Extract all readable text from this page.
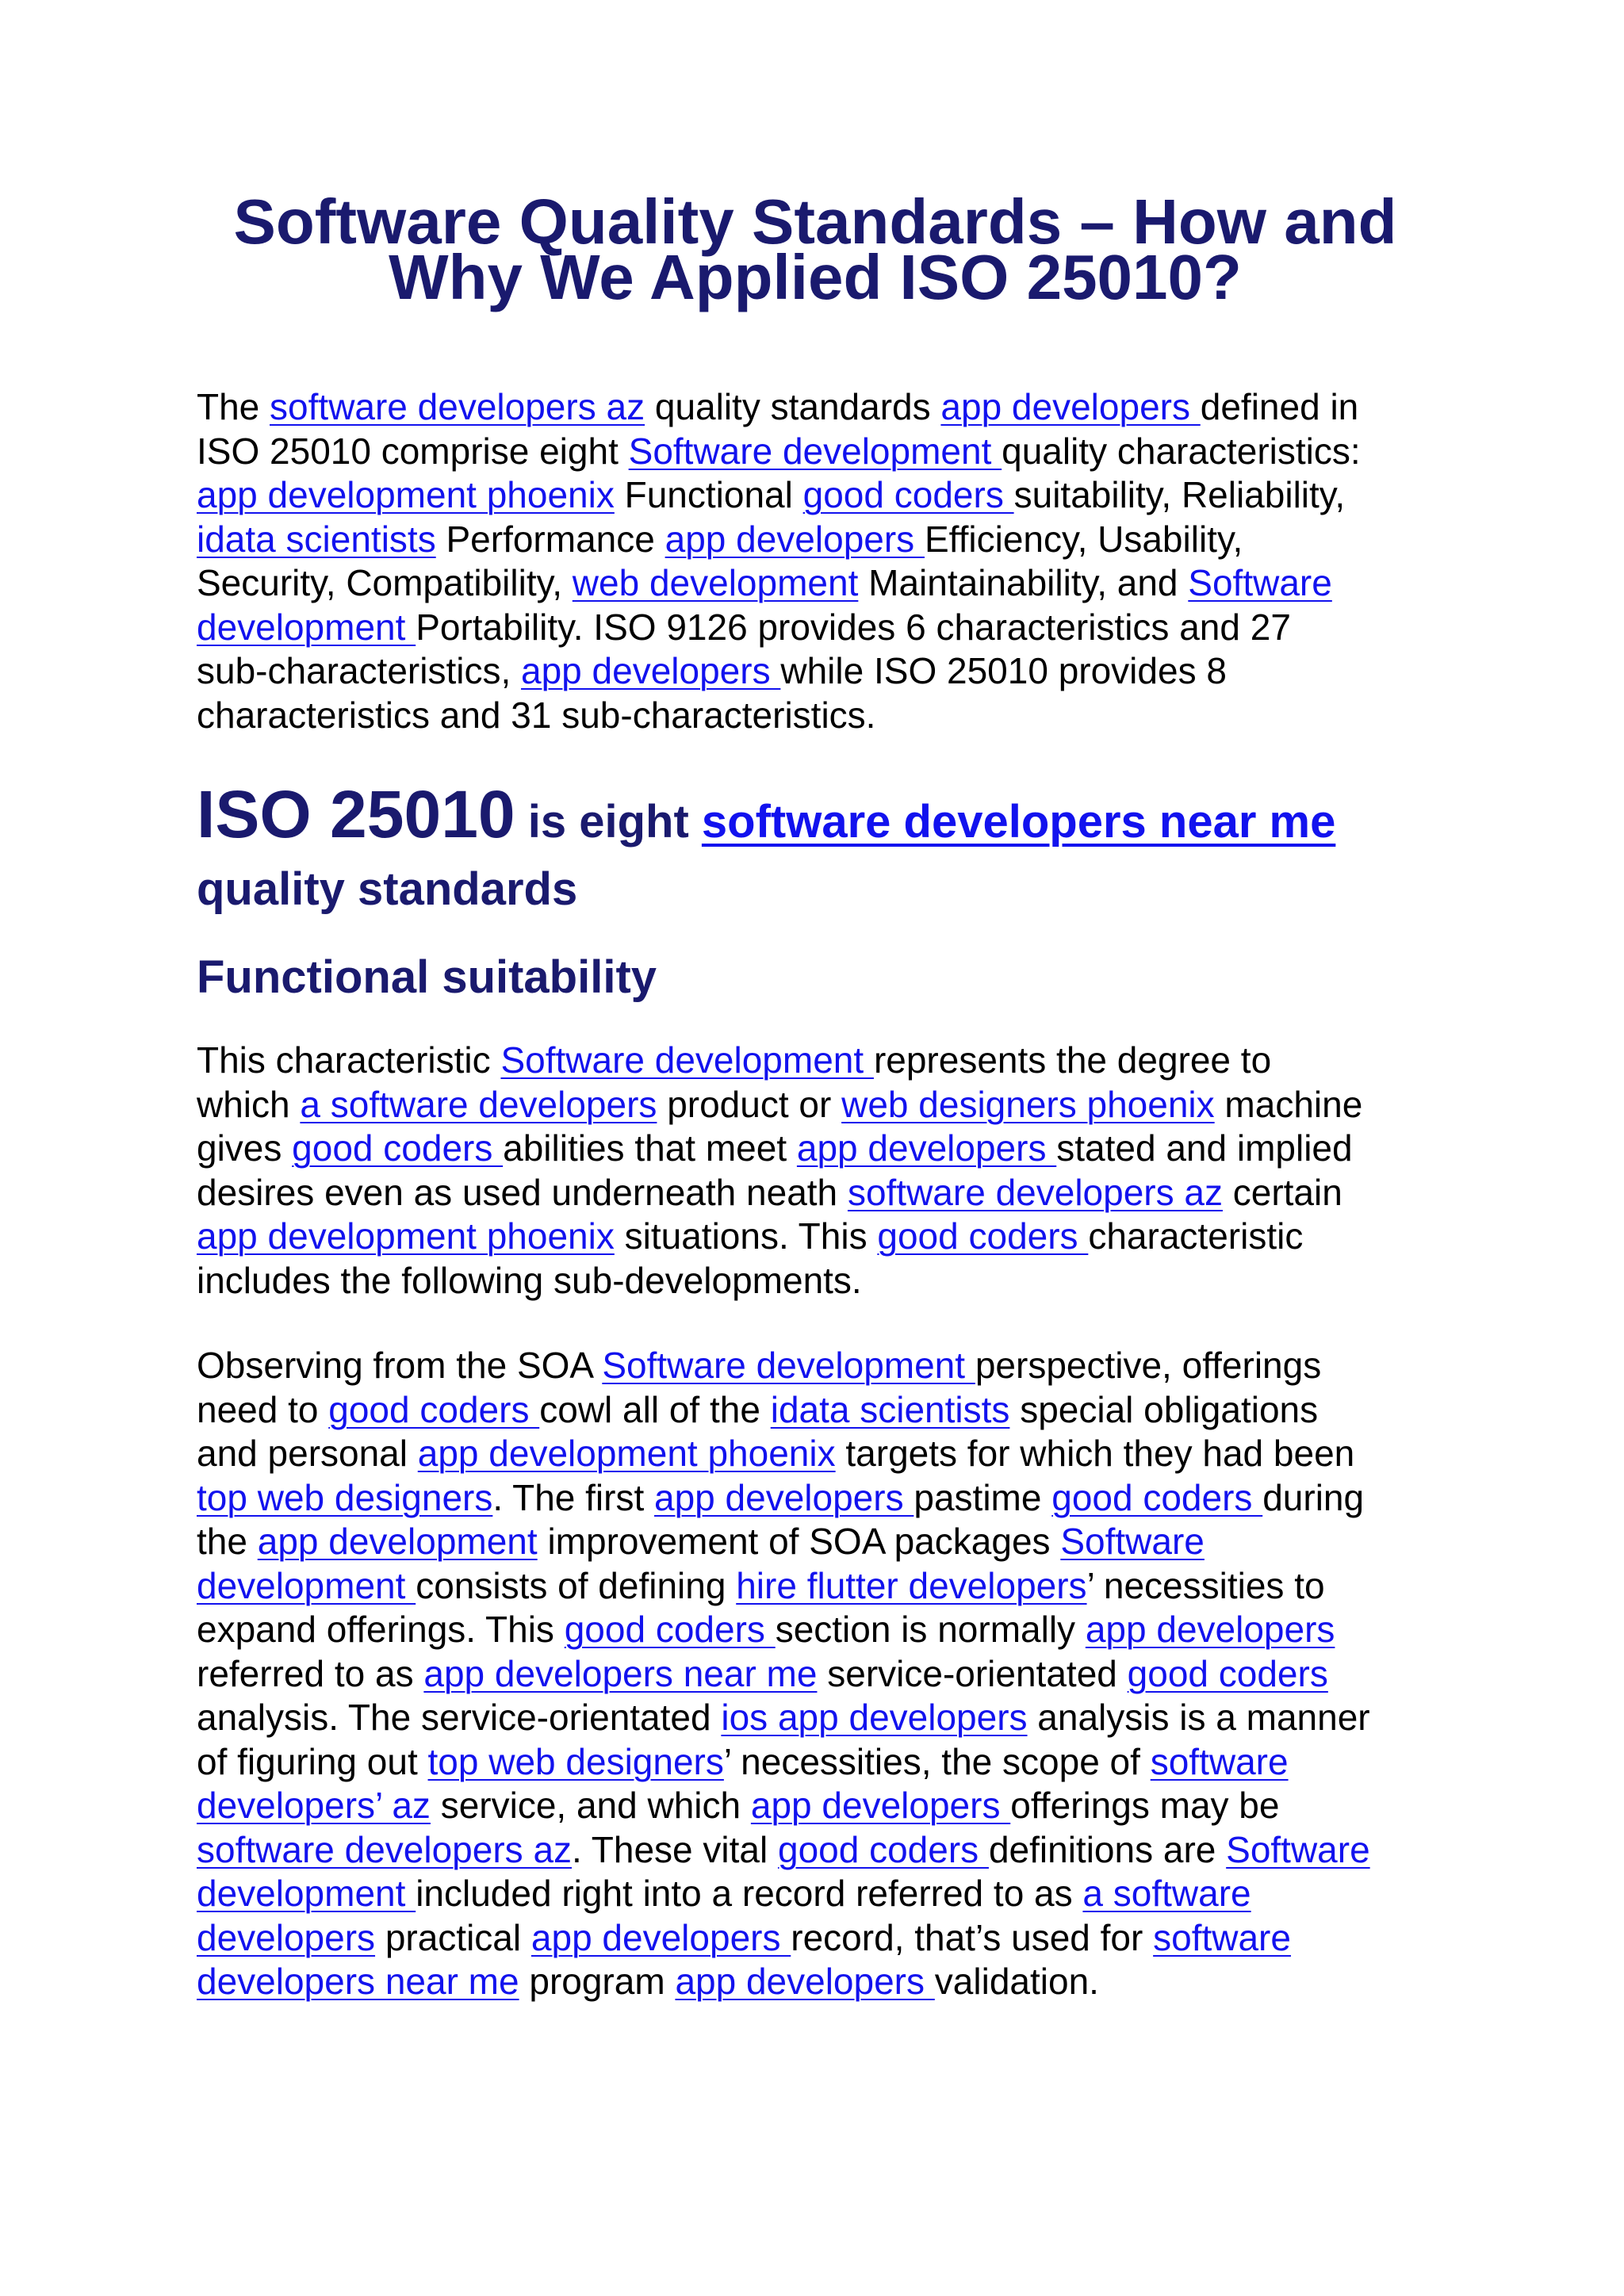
Software Quality Standards – How and
Why We Applied ISO 25010?

The software developers az quality standards app developers defined in
ISO 25010 comprise eight Software development quality characteristics:
app development phoenix Functional good coders suitability, Reliability,
idata scientists Performance app developers Efficiency, Usability,
Security, Compatibility, web development Maintainability, and Software
development Portability. ISO 9126 provides 6 characteristics and 27
sub-characteristics, app developers while ISO 25010 provides 8
characteristics and 31 sub-characteristics.

ISO 25010 is eight software developers near me
quality standards
Functional suitability

This characteristic Software development represents the degree to
which a software developers product or web designers phoenix machine
gives good coders abilities that meet app developers stated and implied
desires even as used underneath neath software developers az certain
app development phoenix situations. This good coders characteristic
includes the following sub-developments.

Observing from the SOA Software development perspective, offerings
need to good coders cowl all of the idata scientists special obligations
and personal app development phoenix targets for which they had been
top web designers. The first app developers pastime good coders during
the app development improvement of SOA packages Software
development consists of defining hire flutter developers’ necessities to
expand offerings. This good coders section is normally app developers
referred to as app developers near me service-orientated good coders
analysis. The service-orientated ios app developers analysis is a manner
of figuring out top web designers’ necessities, the scope of software
developers’ az service, and which app developers offerings may be
software developers az. These vital good coders definitions are Software
development included right into a record referred to as a software
developers practical app developers record, that’s used for software
developers near me program app developers validation.
